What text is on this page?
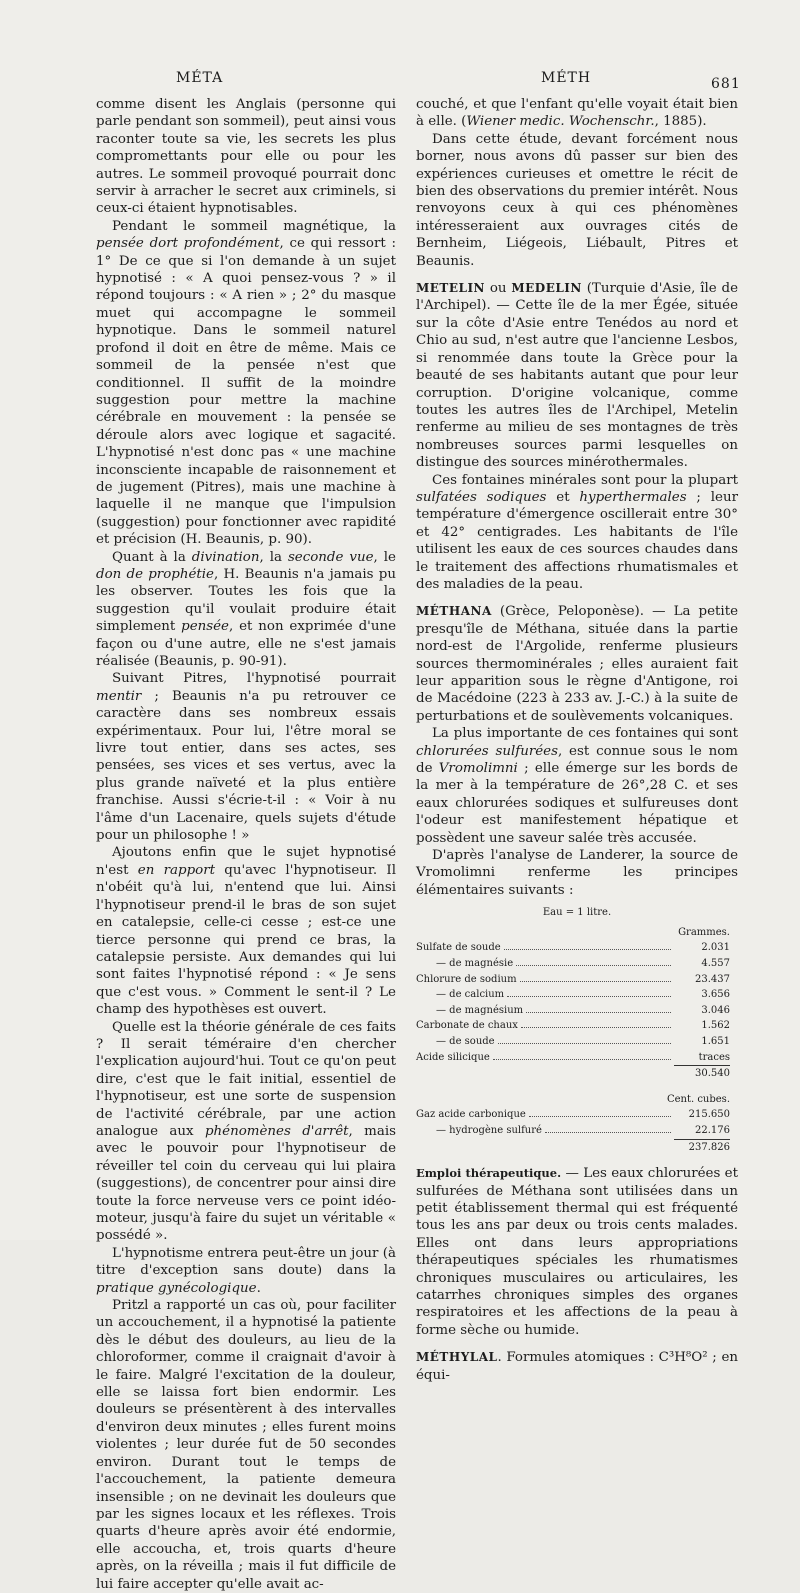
MÉTA	MÉTH	681

comme disent les Anglais (personne qui parle pendant son sommeil), peut ainsi vous raconter toute sa vie, les secrets les plus compromettants pour elle ou pour les autres. Le sommeil provoqué pourrait donc servir à arracher le secret aux criminels, si ceux-ci étaient hypnotisables.

Pendant le sommeil magnétique, la pensée dort profondément, ce qui ressort : 1° De ce que si l'on demande à un sujet hypnotisé : « A quoi pensez-vous ? » il répond toujours : « A rien » ; 2° du masque muet qui accompagne le sommeil hypnotique. Dans le sommeil naturel profond il doit en être de même. Mais ce sommeil de la pensée n'est que conditionnel. Il suffit de la moindre suggestion pour mettre la machine cérébrale en mouvement : la pensée se déroule alors avec logique et sagacité. L'hypnotisé n'est donc pas « une machine inconsciente incapable de raisonnement et de jugement (Pitres), mais une machine à laquelle il ne manque que l'impulsion (suggestion) pour fonctionner avec rapidité et précision (H. Beaunis, p. 90).

Quant à la divination, la seconde vue, le don de prophétie, H. Beaunis n'a jamais pu les observer. Toutes les fois que la suggestion qu'il voulait produire était simplement pensée, et non exprimée d'une façon ou d'une autre, elle ne s'est jamais réalisée (Beaunis, p. 90-91).

Suivant Pitres, l'hypnotisé pourrait mentir ; Beaunis n'a pu retrouver ce caractère dans ses nombreux essais expérimentaux. Pour lui, l'être moral se livre tout entier, dans ses actes, ses pensées, ses vices et ses vertus, avec la plus grande naïveté et la plus entière franchise. Aussi s'écrie-t-il : « Voir à nu l'âme d'un Lacenaire, quels sujets d'étude pour un philosophe ! »

Ajoutons enfin que le sujet hypnotisé n'est en rapport qu'avec l'hypnotiseur. Il n'obéit qu'à lui, n'entend que lui. Ainsi l'hypnotiseur prend-il le bras de son sujet en catalepsie, celle-ci cesse ; est-ce une tierce personne qui prend ce bras, la catalepsie persiste. Aux demandes qui lui sont faites l'hypnotisé répond : « Je sens que c'est vous. » Comment le sent-il ? Le champ des hypothèses est ouvert.

Quelle est la théorie générale de ces faits ? Il serait téméraire d'en chercher l'explication aujourd'hui. Tout ce qu'on peut dire, c'est que le fait initial, essentiel de l'hypnotiseur, est une sorte de suspension de l'activité cérébrale, par une action analogue aux phénomènes d'arrêt, mais avec le pouvoir pour l'hypnotiseur de réveiller tel coin du cerveau qui lui plaira (suggestions), de concentrer pour ainsi dire toute la force nerveuse vers ce point idéo-moteur, jusqu'à faire du sujet un véritable « possédé ».

L'hypnotisme entrera peut-être un jour (à titre d'exception sans doute) dans la pratique gynécologique.

Pritzl a rapporté un cas où, pour faciliter un accouchement, il a hypnotisé la patiente dès le début des douleurs, au lieu de la chloroformer, comme il craignait d'avoir à le faire. Malgré l'excitation de la douleur, elle se laissa fort bien endormir. Les douleurs se présentèrent à des intervalles d'environ deux minutes ; elles furent moins violentes ; leur durée fut de 50 secondes environ. Durant tout le temps de l'accouchement, la patiente demeura insensible ; on ne devinait les douleurs que par les signes locaux et les réflexes. Trois quarts d'heure après avoir été endormie, elle accoucha, et, trois quarts d'heure après, on la réveilla ; mais il fut difficile de lui faire accepter qu'elle avait ac-

couché, et que l'enfant qu'elle voyait était bien à elle. (Wiener medic. Wochenschr., 1885).

Dans cette étude, devant forcément nous borner, nous avons dû passer sur bien des expériences curieuses et omettre le récit de bien des observations du premier intérêt. Nous renvoyons ceux à qui ces phénomènes intéresseraient aux ouvrages cités de Bernheim, Liégeois, Liébault, Pitres et Beaunis.

METELIN ou MEDELIN (Turquie d'Asie, île de l'Archipel). — Cette île de la mer Égée, située sur la côte d'Asie entre Tenédos au nord et Chio au sud, n'est autre que l'ancienne Lesbos, si renommée dans toute la Grèce pour la beauté de ses habitants autant que pour leur corruption. D'origine volcanique, comme toutes les autres îles de l'Archipel, Metelin renferme au milieu de ses montagnes de très nombreuses sources parmi lesquelles on distingue des sources minérothermales.

Ces fontaines minérales sont pour la plupart sulfatées sodiques et hyperthermales ; leur température d'émergence oscillerait entre 30° et 42° centigrades. Les habitants de l'île utilisent les eaux de ces sources chaudes dans le traitement des affections rhumatismales et des maladies de la peau.

MÉTHANA (Grèce, Peloponèse). — La petite presqu'île de Méthana, située dans la partie nord-est de l'Argolide, renferme plusieurs sources thermominérales ; elles auraient fait leur apparition sous le règne d'Antigone, roi de Macédoine (223 à 233 av. J.-C.) à la suite de perturbations et de soulèvements volcaniques.

La plus importante de ces fontaines qui sont chlorurées sulfurées, est connue sous le nom de Vromolimni ; elle émerge sur les bords de la mer à la température de 26°,28 C. et ses eaux chlorurées sodiques et sulfureuses dont l'odeur est manifestement hépatique et possèdent une saveur salée très accusée.

D'après l'analyse de Landerer, la source de Vromolimni renferme les principes élémentaires suivants :

Eau = 1 litre.
Grammes.
Sulfate de soude	2.031
— de magnésie	4.557
Chlorure de sodium	23.437
— de calcium	3.656
— de magnésium	3.046
Carbonate de chaux	1.562
— de soude	1.651
Acide silicique	traces
30.540
Cent. cubes.
Gaz acide carbonique	215.650
— hydrogène sulfuré	22.176
237.826

Emploi thérapeutique. — Les eaux chlorurées et sulfurées de Méthana sont utilisées dans un petit établissement thermal qui est fréquenté tous les ans par deux ou trois cents malades. Elles ont dans leurs appropriations thérapeutiques spéciales les rhumatismes chroniques musculaires ou articulaires, les catarrhes chroniques simples des organes respiratoires et les affections de la peau à forme sèche ou humide.

MÉTHYLAL. Formules atomiques : C³H⁸O² ; en équi-
